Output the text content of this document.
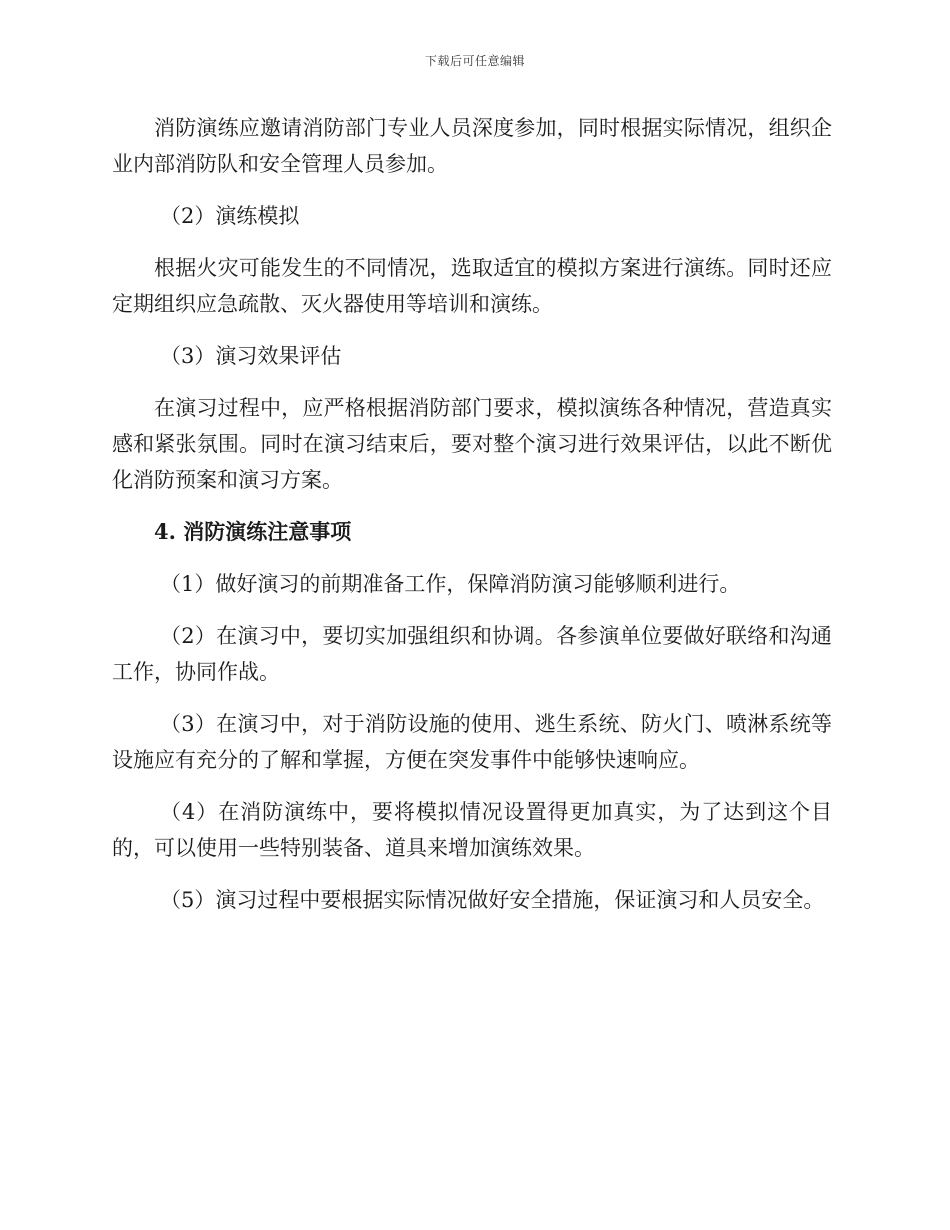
下载后可任意编辑

消防演练应邀请消防部门专业人员深度参加，同时根据实际情况，组织企业内部消防队和安全管理人员参加。

（2）演练模拟

根据火灾可能发生的不同情况，选取适宜的模拟方案进行演练。同时还应定期组织应急疏散、灭火器使用等培训和演练。

（3）演习效果评估

在演习过程中，应严格根据消防部门要求，模拟演练各种情况，营造真实感和紧张氛围。同时在演习结束后，要对整个演习进行效果评估，以此不断优化消防预案和演习方案。

4. 消防演练注意事项

（1）做好演习的前期准备工作，保障消防演习能够顺利进行。

（2）在演习中，要切实加强组织和协调。各参演单位要做好联络和沟通工作，协同作战。

（3）在演习中，对于消防设施的使用、逃生系统、防火门、喷淋系统等设施应有充分的了解和掌握，方便在突发事件中能够快速响应。

（4）在消防演练中，要将模拟情况设置得更加真实，为了达到这个目的，可以使用一些特别装备、道具来增加演练效果。

（5）演习过程中要根据实际情况做好安全措施，保证演习和人员安全。
